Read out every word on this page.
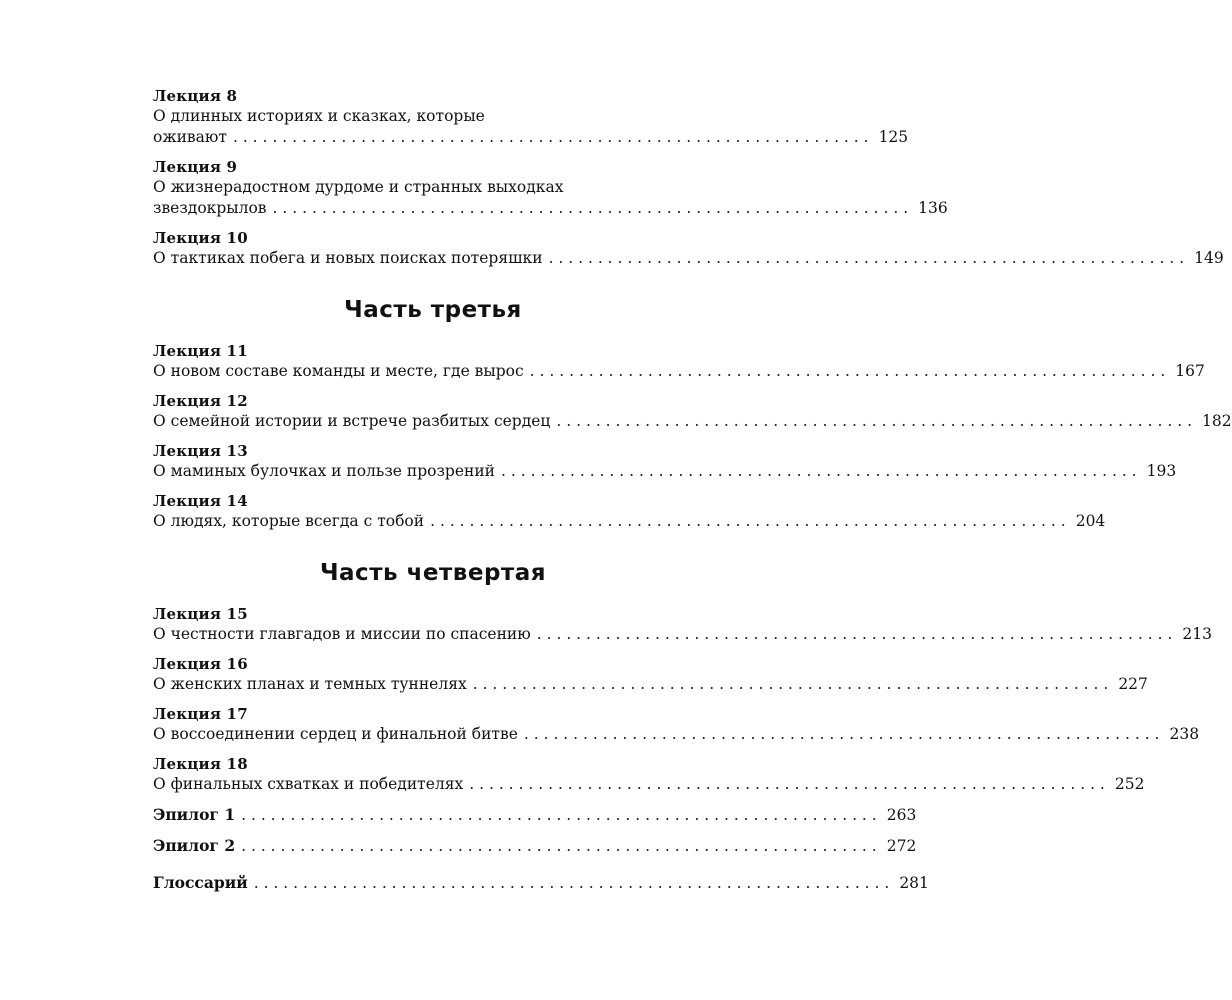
Лекция 8
О длинных историях и сказках, которые
оживают . . .	125
Лекция 9
О жизнерадостном дурдоме и странных выходках
звездокрылов . . .	136
Лекция 10
О тактиках побега и новых поисках потеряшки . . .	149
Часть третья
Лекция 11
О новом составе команды и месте, где вырос . . .	167
Лекция 12
О семейной истории и встрече разбитых сердец . . .	182
Лекция 13
О маминых булочках и пользе прозрений . . .	193
Лекция 14
О людях, которые всегда с тобой . . .	204
Часть четвертая
Лекция 15
О честности главгадов и миссии по спасению . . .	213
Лекция 16
О женских планах и темных туннелях . . .	227
Лекция 17
О воссоединении сердец и финальной битве . . .	238
Лекция 18
О финальных схватках и победителях . . .	252
Эпилог 1 . . .	263
Эпилог 2 . . .	272
Глоссарий . . .	281
